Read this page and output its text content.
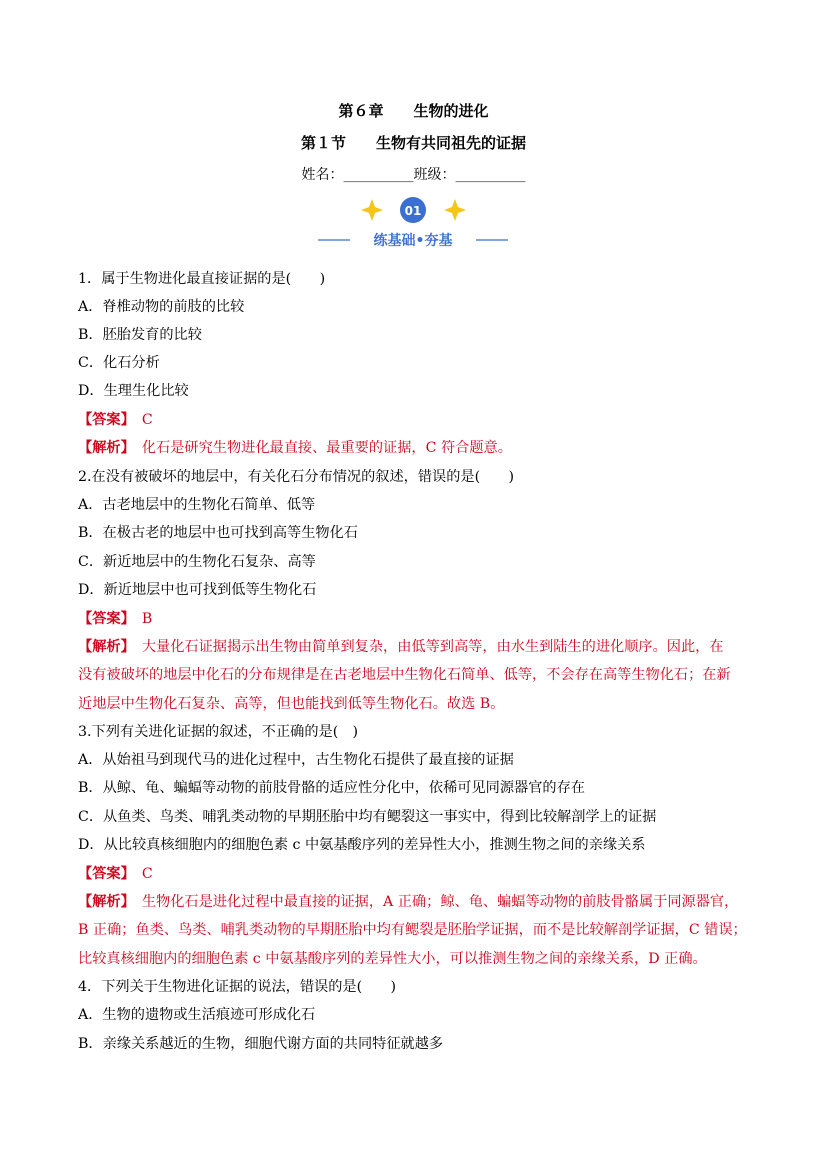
第６章　　生物的进化
第１节　　生物有共同祖先的证据
姓名：__________班级：__________
01
练基础•夯基
1．属于生物进化最直接证据的是(　　)
A．脊椎动物的前肢的比较
B．胚胎发育的比较
C．化石分析
D．生理生化比较
【答案】　 C
【解析】　 化石是研究生物进化最直接、最重要的证据，C 符合题意。
2.在没有被破坏的地层中，有关化石分布情况的叙述，错误的是(　　)
A．古老地层中的生物化石简单、低等
B．在极古老的地层中也可找到高等生物化石
C．新近地层中的生物化石复杂、高等
D．新近地层中也可找到低等生物化石
【答案】　 B
【解析】　 大量化石证据揭示出生物由简单到复杂，由低等到高等，由水生到陆生的进化顺序。因此，在
没有被破坏的地层中化石的分布规律是在古老地层中生物化石简单、低等，不会存在高等生物化石；在新
近地层中生物化石复杂、高等，但也能找到低等生物化石。故选 B。
3.下列有关进化证据的叙述，不正确的是(　)
A．从始祖马到现代马的进化过程中，古生物化石提供了最直接的证据
B．从鲸、龟、蝙蝠等动物的前肢骨骼的适应性分化中，依稀可见同源器官的存在
C．从鱼类、鸟类、哺乳类动物的早期胚胎中均有鳃裂这一事实中，得到比较解剖学上的证据
D．从比较真核细胞内的细胞色素 c 中氨基酸序列的差异性大小，推测生物之间的亲缘关系
【答案】　 C
【解析】　 生物化石是进化过程中最直接的证据，A 正确；鲸、龟、蝙蝠等动物的前肢骨骼属于同源器官，
B 正确；鱼类、鸟类、哺乳类动物的早期胚胎中均有鳃裂是胚胎学证据，而不是比较解剖学证据，C 错误；
比较真核细胞内的细胞色素 c 中氨基酸序列的差异性大小，可以推测生物之间的亲缘关系，D 正确。
4．下列关于生物进化证据的说法，错误的是(　　)
A．生物的遗物或生活痕迹可形成化石
B．亲缘关系越近的生物，细胞代谢方面的共同特征就越多
